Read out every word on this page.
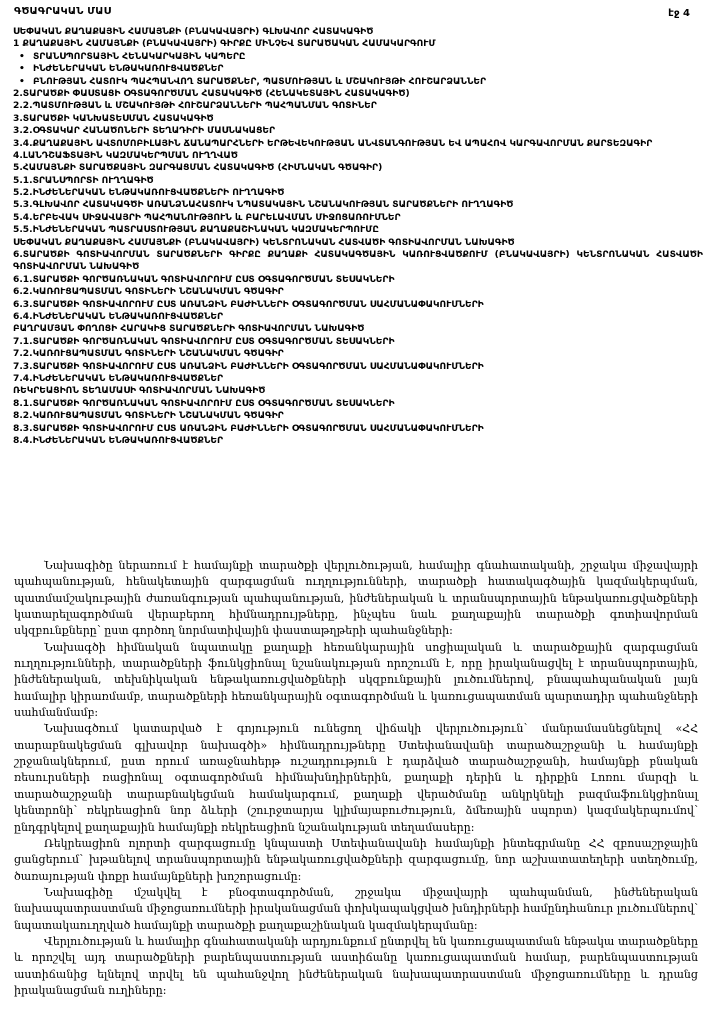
ԳԾԱԳՐԱԿԱՆ ՄԱՍ	էջ 4
ՍԵՓԱԿԱՆ ՔԱՂԱՔԱՅԻՆ ՀԱՄԱՅՆՔԻ (ԲՆԱԿԱՎԱՅՐԻ) ԳԼԽԱՎՈՐ ՀԱՏԱԿԱԳԻԾ
1 ՔԱՂԱՔԱՅԻՆ ՀԱՄԱՅՆՔԻ (ԲՆԱԿԱՎԱՅՐԻ) ԳԻՐՔԸ ՄԻՆՉԵՎ ՏԱՐԱԾԱԿԱՆ ՀԱՄԱԿԱՐԳՈՒՄ
• ՏՐԱՆՍՊՈՐՏԱՅԻՆ ՀԵՆԱԿԱՐԿԱՅԻՆ ԿԱՊԵՐԸ
• ԻՆԺԵՆԵՐԱԿԱՆ ԵՆԹԱԿԱՌՈՒՑՎԱԾՔՆԵՐ
• ԲՆՈՒԹՅԱՆ ՀԱՏՈՒԿ ՊԱՀՊԱՆՎՈՂ ՏԱՐԱԾՔՆԵՐ, ՊԱՏՄՈՒԹՅԱՆ և ՄՇԱԿՈՒՅԹԻ ՀՈՒՇԱՐՁԱՆՆԵՐ
2.ՏԱՐԱԾՔԻ ՓԱՍՏԱՑԻ ՕԳՏԱԳՈՐԾՄԱՆ ՀԱՏԱԿԱԳԻԾ (ՀԵՆԱԿԵՏԱՅԻՆ ՀԱՏԱԿԱԳԻԾ)
2.2.ՊԱՏՄՈՒԹՅԱՆ և ՄՇԱԿՈՒՅԹԻ ՀՈՒՇԱՐՁԱՆՆԵՐԻ ՊԱՀՊԱՆՄԱՆ ԳՈՏԻՆԵՐ
3.ՏԱՐԱԾՔԻ ԿԱՆԽԱՏԵՍՄԱՆ ՀԱՏԱԿԱԳԻԾ
3.2.ՕԳՏԱԿԱՐ ՀԱՆԱԾՈՆԵՐԻ ՏԵՂԱԴԻՐԻ ՄԱՍՆԱԿԱՑԵՐ
3.4.ՔԱՂԱՔԱՅԻՆ ԱՎՏՈՄՈԲԻԼԱՅԻՆ ՃԱՆԱՊԱՐՀՆԵՐԻ ԵՐԹԵՎԵԿՈՒԹՅԱՆ ԱՆՎՏԱՆԳՈՒԹՅԱՆ ԵՎ ԱՊԱՀՈՎ ԿԱՐԳԱՎՈՐՄԱՆ ՔԱՐՏԵԶԱԳԻՐ
4.ԼԱՆԴՇԱՖՏԱՅԻՆ ԿԱԶՄԱԿԵՐՊՄԱՆ ՈՒՂՂՎԱԾ
5.ՀԱՄԱՅՆՔԻ ՏԱՐԱԾՔԱՅԻՆ ԶԱՐԳԱՑՄԱՆ ՀԱՏԱԿԱԳԻԾ (ՀԻՄՆԱԿԱՆ ԳԾԱԳԻՐ)
5.1.ՏՐԱՆՍՊՈՐՏԻ ՈՒՂՂԱԳԻԾ
5.2.ԻՆԺԵՆԵՐԱԿԱՆ ԵՆԹԱԿԱՌՈՒՑՎԱԾՔՆԵՐԻ ՈՒՂՂԱԳԻԾ
5.3.ԳԼԽԱՎՈՐ ՀԱՏԱԿԱԳԾԻ ԱՌԱՆՁՆԱՀԱՏՈՒԿ ՆՊԱՏԱԿԱՅԻՆ ՆՇԱՆԱԿՈՒԹՅԱՆ ՏԱՐԱԾՔՆԵՐԻ ՈՒՂՂԱԳԻԾ
5.4.ԵՐԲԵՎԱԿ ՍԻՋԱՎԱՅՐԻ ՊԱՀՊԱՆՈՒԹՅՈՒՆ և ԲԱՐԵԼԱՎՄԱՆ ՄԻՋՈՑԱՌՈՒՄՆԵՐ
5.5.ԻՆԺԵՆԵՐԱԿԱՆ ՊԱՏՐԱՍՏՈՒԹՅԱՆ ՔԱՂԱՔԱՇԻՆԱԿԱՆ ԿԱԶՄԱԿԵՐՊՈՒՄԸ
ՍԵՓԱԿԱՆ ՔԱՂԱՔԱՅԻՆ ՀԱՄԱՅՆՔԻ (ԲՆԱԿԱՎԱՅՐԻ) ԿԵՆՏՐՈՆԱԿԱՆ ՀԱՏՎԱԾԻ ԳՈՏԻԱՎՈՐՄԱՆ ՆԱԽԱԳԻԾ
6.ՏԱՐԱԾՔԻ ԳՈՏԻԱՎՈՐՄԱՆ ՏԱՐԱԾՔՆԵՐԻ ԳԻՐՔԸ ՔԱՂԱՔԻ ՀԱՏԱԿԱԳԾԱՅԻՆ ԿԱՌՈՒՑՎԱԾՔՈՒՄ (ԲՆԱԿԱՎԱՅՐԻ) ԿԵՆՏՐՈՆԱԿԱՆ ՀԱՏՎԱԾԻ ԳՈՏԻԱՎՈՐՄԱՆ ՆԱԽԱԳԻԾ
6.1.ՏԱՐԱԾՔԻ ԳՈՐԾԱՌՆԱԿԱՆ ԳՈՏԻԱՎՈՐՈՒՄ ԸՍՏ ՕԳՏԱԳՈՐԾՄԱՆ ՏԵՍԱԿՆԵՐԻ
6.2.ԿԱՌՈՒՑԱՊԱՏՄԱՆ ԳՈՏԻՆԵՐԻ ՆՇԱՆԱԿՄԱՆ ԳԾԱԳԻՐ
6.3.ՏԱՐԱԾՔԻ ԳՈՏԻԱՎՈՐՈՒՄ ԸՍՏ ԱՌԱՆՁԻՆ ԲԱԺԻՆՆԵՐԻ ՕԳՏԱԳՈՐԾՄԱՆ ՍԱՀՄԱՆԱՓԱԿՈՒՄՆԵՐԻ
6.4.ԻՆԺԵՆԵՐԱԿԱՆ ԵՆԹԱԿԱՌՈՒՑՎԱԾՔՆԵՐ
ԲԱՂՐԱՄՅԱՆ ՓՈՂՈՑԻ ՀԱՐԱԿԻՑ ՏԱՐԱԾՔՆԵՐԻ ԳՈՏԻԱՎՈՐՄԱՆ ՆԱԽԱԳԻԾ
7.1.ՏԱՐԱԾՔԻ ԳՈՐԾԱՌՆԱԿԱՆ ԳՈՏԻԱՎՈՐՈՒՄ ԸՍՏ ՕԳՏԱԳՈՐԾՄԱՆ ՏԵՍԱԿՆԵՐԻ
7.2.ԿԱՌՈՒՑԱՊԱՏՄԱՆ ԳՈՏԻՆԵՐԻ ՆՇԱՆԱԿՄԱՆ ԳԾԱԳԻՐ
7.3.ՏԱՐԱԾՔԻ ԳՈՏԻԱՎՈՐՈՒՄ ԸՍՏ ԱՌԱՆՁԻՆ ԲԱԺԻՆՆԵՐԻ ՕԳՏԱԳՈՐԾՄԱՆ ՍԱՀՄԱՆԱՓԱԿՈՒՄՆԵՐԻ
7.4.ԻՆԺԵՆԵՐԱԿԱՆ ԵՆԹԱԿԱՌՈՒՑՎԱԾՔՆԵՐ
ՌԵԿՐԵԱՑԻՈՆ ՏԵՂԱՄԱՍԻ ԳՈՏԻԱՎՈՐՄԱՆ ՆԱԽԱԳԻԾ
8.1.ՏԱՐԱԾՔԻ ԳՈՐԾԱՌՆԱԿԱՆ ԳՈՏԻԱՎՈՐՈՒՄ ԸՍՏ ՕԳՏԱԳՈՐԾՄԱՆ ՏԵՍԱԿՆԵՐԻ
8.2.ԿԱՌՈՒՑԱՊԱՏՄԱՆ ԳՈՏԻՆԵՐԻ ՆՇԱՆԱԿՄԱՆ ԳԾԱԳԻՐ
8.3.ՏԱՐԱԾՔԻ ԳՈՏԻԱՎՈՐՈՒՄ ԸՍՏ ԱՌԱՆՁԻՆ ԲԱԺԻՆՆԵՐԻ ՕԳՏԱԳՈՐԾՄԱՆ ՍԱՀՄԱՆԱՓԱԿՈՒՄՆԵՐԻ
8.4.ԻՆԺԵՆԵՐԱԿԱՆ ԵՆԹԱԿԱՌՈՒՑՎԱԾՔՆԵՐ

Նախագիծը ներառում է համայնքի տարածքի վերլուծության, համալիր գնահատականի, շրջակա միջավայրի պահպանության, հենակետային զարգացման ուղղությունների, տարածքի հատակագծային կազմակերպման, պատմամշակութային ժառանգության պահպանության, ինժեներական և տրանսպորտային ենթակառուցվածքների կատարելագործման վերաբերող հիմնադրույթները, ինչպես նաև քաղաքային տարածքի գոտիավորման սկզբունքները՝ ըստ գործող նորմատիվային փաստաթղթերի պահանջների:

Նախագծի հիմնական նպատակը քաղաքի հեռանկարային սոցիալական և տարածքային զարգացման ուղղությունների, տարածքների ֆունկցիոնալ նշանակության որոշումն է, որը իրականացվել է տրանսպորտային, ինժեներական, տեխնիկական ենթակառուցվածքների սկզբունքային լուծումներով, բնապահպանական լայն համալիր կիրառմամբ, տարածքների հեռանկարային օգտագործման և կառուցապատման պարտադիր պահանջների սահմանմամբ:

Նախագծում կատարված է գոյություն ունեցող վիճակի վերլուծություն՝ մանրամասնեցնելով «ՀՀ տարաբնակեցման գլխավոր նախագծի» հիմնադրույթները Ստեփանավանի տարածաշրջանի և համայնքի շրջանակներում, ըստ որում առաջնահերթ ուշադրություն է դարձված տարածաշրջանի, համայնքի բնական ռեսուրսների ռացիոնալ օգտագործման հիմնախնդիրներին, քաղաքի դերին և դիրքին Լոռու մարզի և տարածաշրջանի տարաբնակեցման համակարգում, քաղաքի վերածմանը անկրկնելի բազմաֆունկցիոնալ կենտրոնի՝ ռեկրեացիոն նոր ձևերի (շուրջտարյա կլիմայաբուժություն, ձմեռային սպորտ) կազմակերպումով՝ ընդգրկելով քաղաքային համայնքի ռեկրեացիոն նշանակության տեղամասերը:

Ռեկրեացիոն ոլորտի զարգացումը կնպաստի Ստեփանավանի համայնքի ինտեգրմանը ՀՀ զբոսաշրջային ցանցերում՝ խթանելով տրանսպորտային ենթակառուցվածքների զարգացումը, նոր աշխատատեղերի ստեղծումը, ծառայության փոքր համայնքների խոշորացումը:

Նախագիծը մշակվել է բնօգտագործման, շրջակա միջավայրի պահպանման, ինժեներական նախապատրաստման միջոցառումների իրականացման փոխկապակցված խնդիրների համընդհանուր լուծումներով՝ նպատակաուղղված համայնքի տարածքի քաղաքաշինական կազմակերպմանը:

Վերլուծության և համալիր գնահատականի արդյունքում ընտրվել են կառուցապատման ենթակա տարածքները և որոշվել այդ տարածքների բարենպաստության աստիճանը կառուցապատման համար, բարենպաստության աստիճանից ելնելով տրվել են պահանջվող ինժեներական նախապատրաստման միջոցառումները և դրանց իրականացման ուղիները:
